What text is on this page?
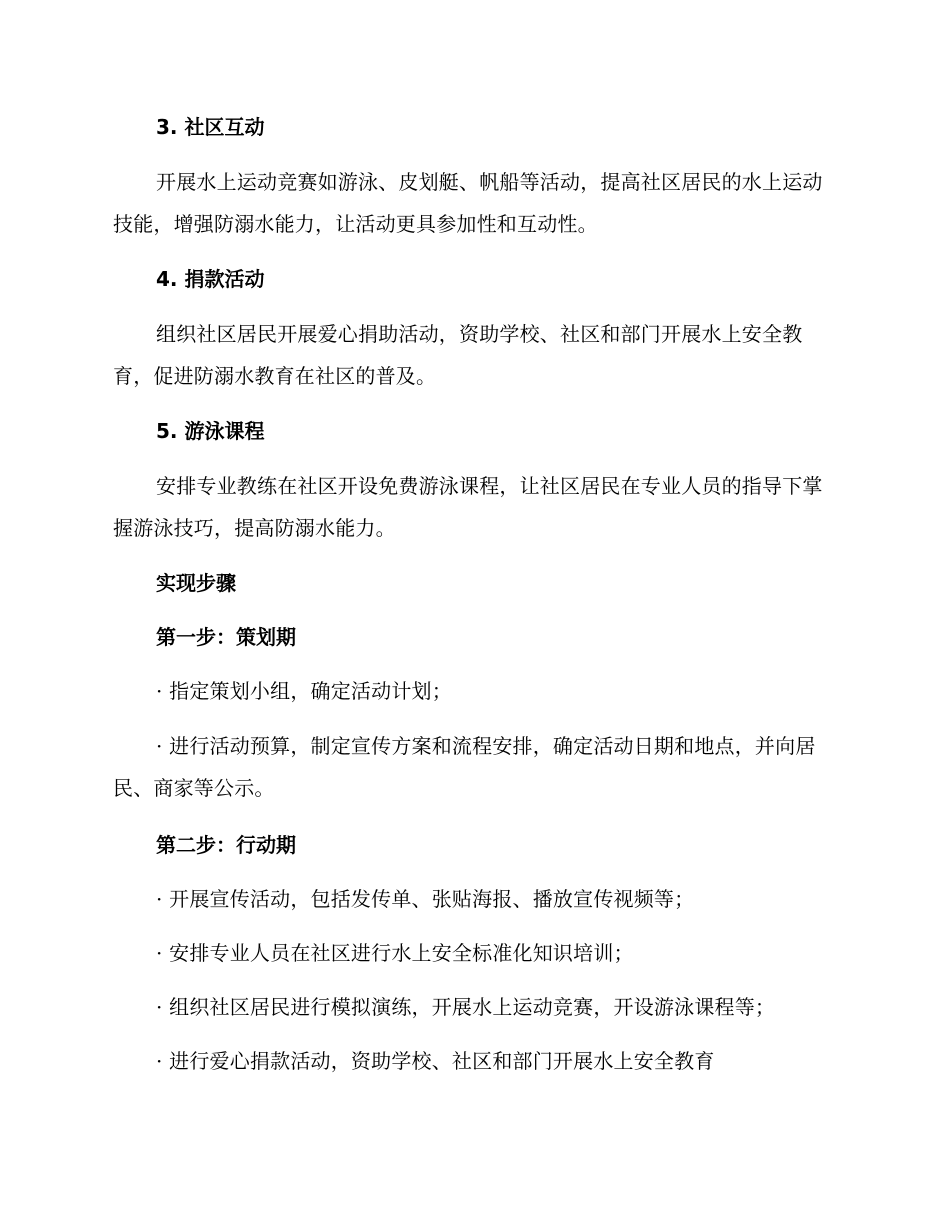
3. 社区互动

开展水上运动竞赛如游泳、皮划艇、帆船等活动，提高社区居民的水上运动技能，增强防溺水能力，让活动更具参加性和互动性。

4. 捐款活动

组织社区居民开展爱心捐助活动，资助学校、社区和部门开展水上安全教育，促进防溺水教育在社区的普及。

5. 游泳课程

安排专业教练在社区开设免费游泳课程，让社区居民在专业人员的指导下掌握游泳技巧，提高防溺水能力。

实现步骤
第一步：策划期

· 指定策划小组，确定活动计划；

· 进行活动预算，制定宣传方案和流程安排，确定活动日期和地点，并向居民、商家等公示。

第二步：行动期

· 开展宣传活动，包括发传单、张贴海报、播放宣传视频等；

· 安排专业人员在社区进行水上安全标准化知识培训；

· 组织社区居民进行模拟演练，开展水上运动竞赛，开设游泳课程等；

· 进行爱心捐款活动，资助学校、社区和部门开展水上安全教育
